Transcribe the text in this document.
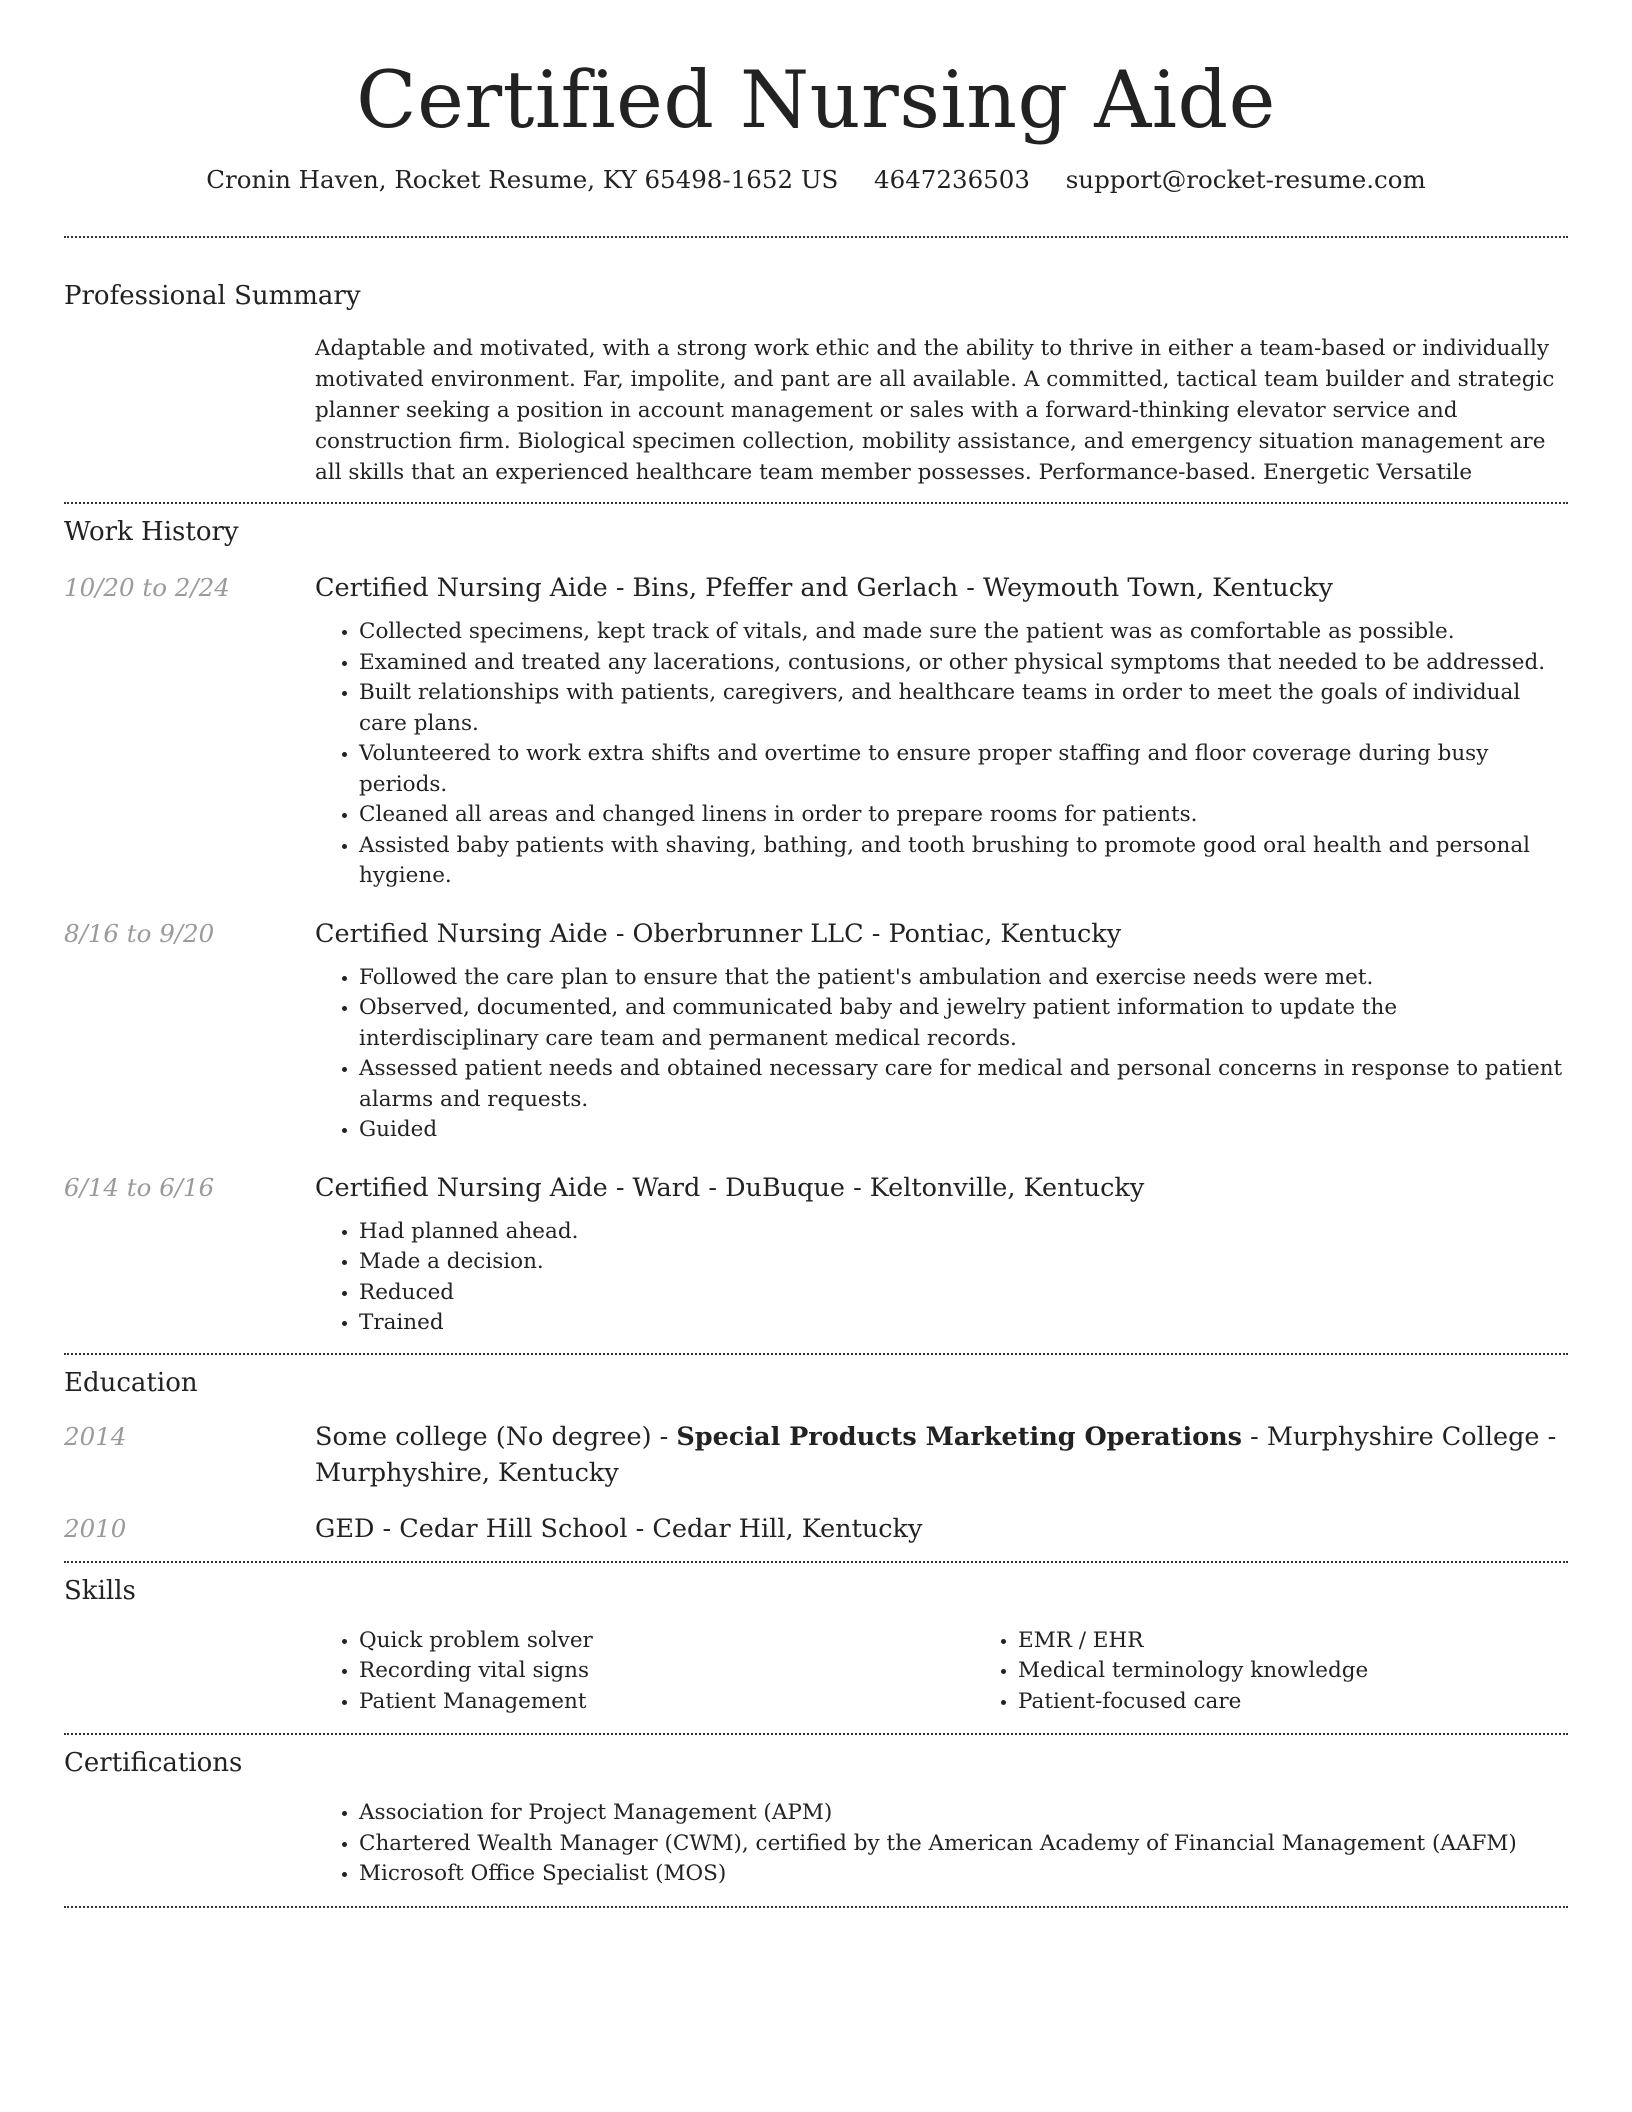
Certified Nursing Aide
Cronin Haven, Rocket Resume, KY 65498-1652 US 4647236503 support@rocket-resume.com
Professional Summary
Adaptable and motivated, with a strong work ethic and the ability to thrive in either a team-based or individually motivated environment. Far, impolite, and pant are all available. A committed, tactical team builder and strategic planner seeking a position in account management or sales with a forward-thinking elevator service and construction firm. Biological specimen collection, mobility assistance, and emergency situation management are all skills that an experienced healthcare team member possesses. Performance-based. Energetic Versatile
Work History
10/20 to 2/24	Certified Nursing Aide - Bins, Pfeffer and Gerlach - Weymouth Town, Kentucky
• Collected specimens, kept track of vitals, and made sure the patient was as comfortable as possible.
• Examined and treated any lacerations, contusions, or other physical symptoms that needed to be addressed.
• Built relationships with patients, caregivers, and healthcare teams in order to meet the goals of individual care plans.
• Volunteered to work extra shifts and overtime to ensure proper staffing and floor coverage during busy periods.
• Cleaned all areas and changed linens in order to prepare rooms for patients.
• Assisted baby patients with shaving, bathing, and tooth brushing to promote good oral health and personal hygiene.
8/16 to 9/20	Certified Nursing Aide - Oberbrunner LLC - Pontiac, Kentucky
• Followed the care plan to ensure that the patient's ambulation and exercise needs were met.
• Observed, documented, and communicated baby and jewelry patient information to update the interdisciplinary care team and permanent medical records.
• Assessed patient needs and obtained necessary care for medical and personal concerns in response to patient alarms and requests.
• Guided
6/14 to 6/16	Certified Nursing Aide - Ward - DuBuque - Keltonville, Kentucky
• Had planned ahead.
• Made a decision.
• Reduced
• Trained
Education
2014	Some college (No degree) - Special Products Marketing Operations - Murphyshire College - Murphyshire, Kentucky
2010	GED - Cedar Hill School - Cedar Hill, Kentucky
Skills
• Quick problem solver
• Recording vital signs
• Patient Management
• EMR / EHR
• Medical terminology knowledge
• Patient-focused care
Certifications
• Association for Project Management (APM)
• Chartered Wealth Manager (CWM), certified by the American Academy of Financial Management (AAFM)
• Microsoft Office Specialist (MOS)
